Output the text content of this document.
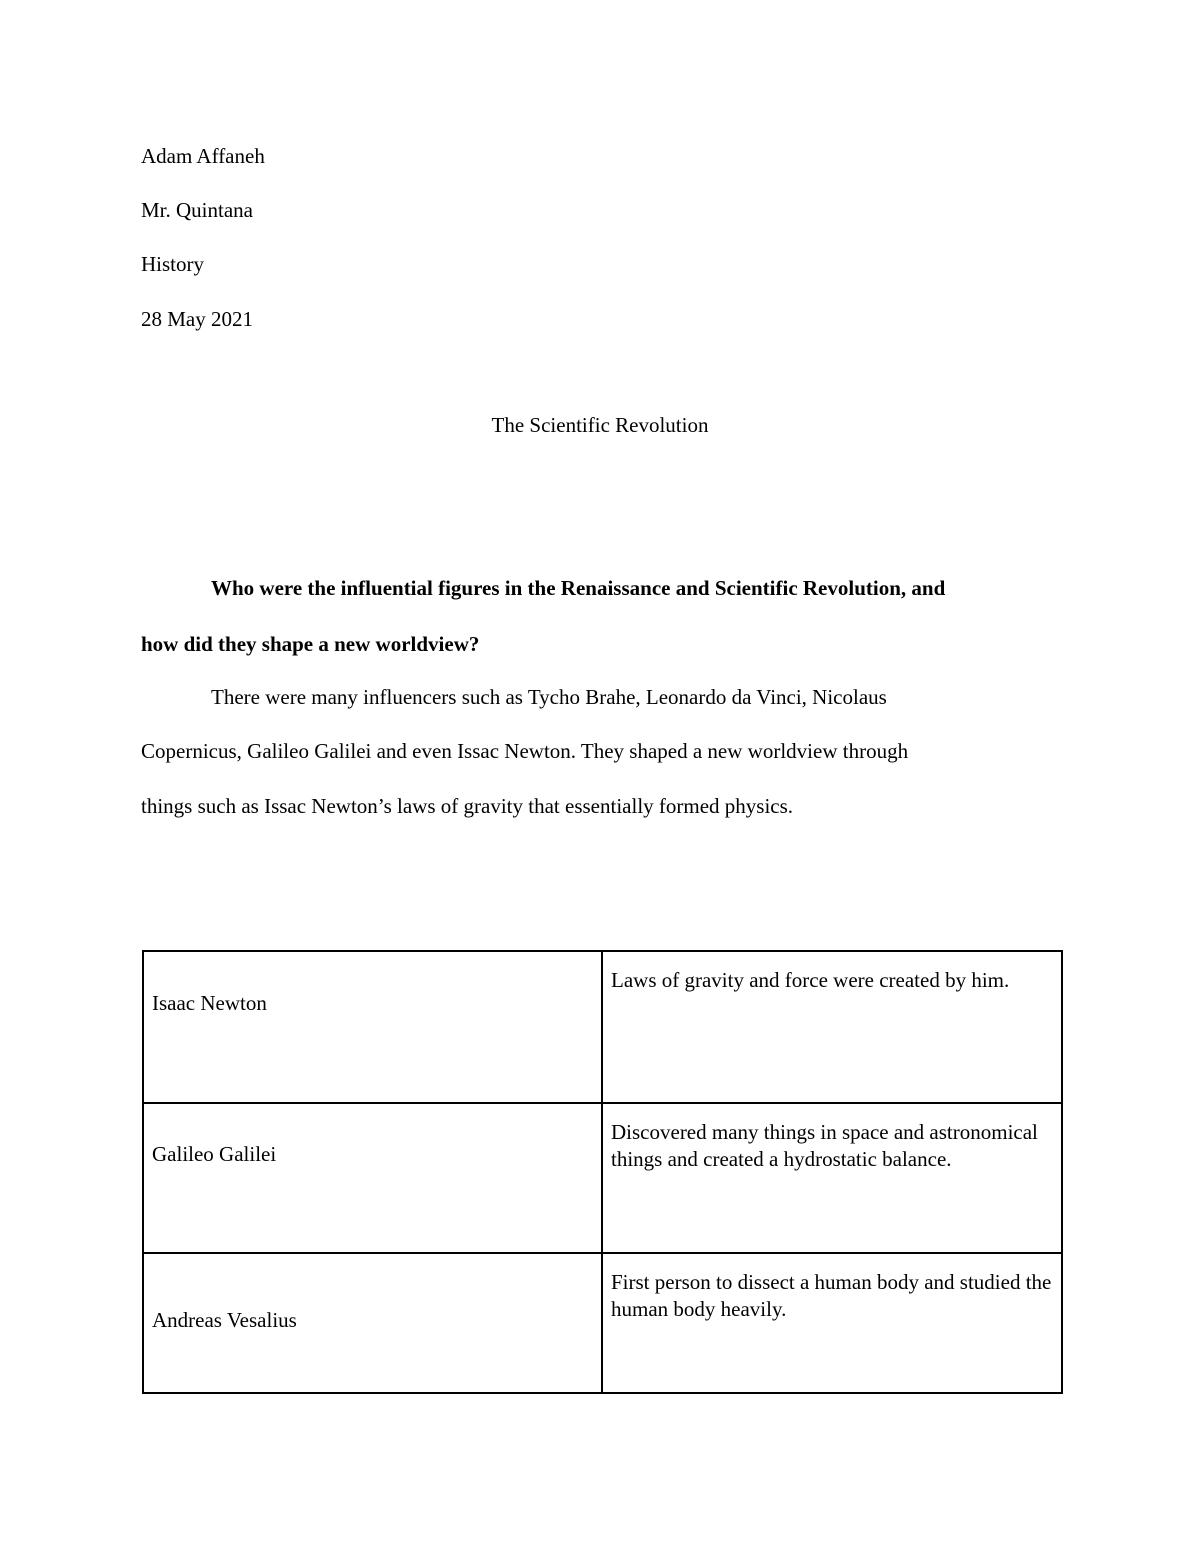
Adam Affaneh
Mr. Quintana
History
28 May 2021
The Scientific Revolution
Who were the influential figures in the Renaissance and Scientific Revolution, and
how did they shape a new worldview?
There were many influencers such as Tycho Brahe, Leonardo da Vinci, Nicolaus
Copernicus, Galileo Galilei and even Issac Newton. They shaped a new worldview through
things such as Issac Newton’s laws of gravity that essentially formed physics.
Isaac Newton	Laws of gravity and force were created by him.

Galileo Galilei	Discovered many things in space and astronomical things and created a hydrostatic balance.

Andreas Vesalius	First person to dissect a human body and studied the human body heavily.
